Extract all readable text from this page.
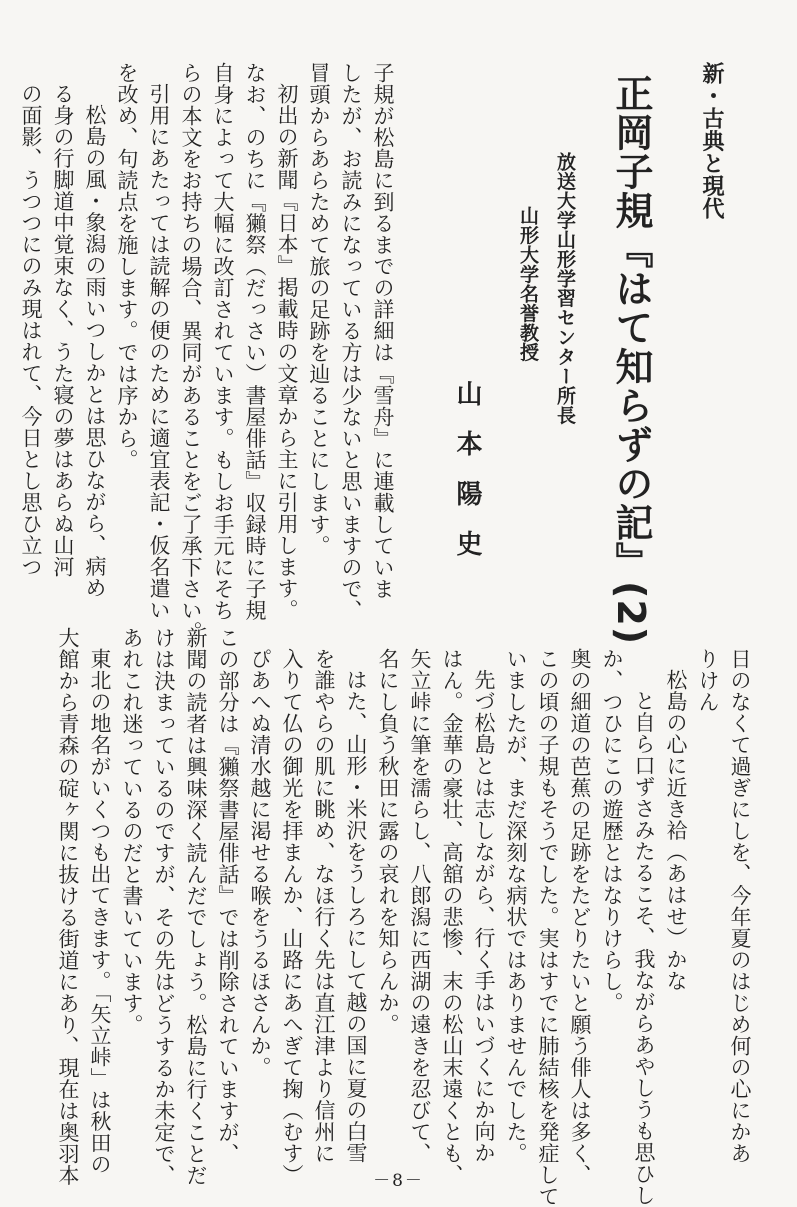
新・古典と現代
正岡子規『はて知らずの記』(2)
放送大学山形学習センター所長
山形大学名誉教授
山本陽史
子規が松島に到るまでの詳細は『雪舟』に連載していま
したが、お読みになっている方は少ないと思いますので、
冒頭からあらためて旅の足跡を辿ることにします。
初出の新聞『日本』掲載時の文章から主に引用します。
なお、のちに『獺祭（だっさい）書屋俳話』収録時に子規
自身によって大幅に改訂されています。もしお手元にそち
らの本文をお持ちの場合、異同があることをご了承下さい。
引用にあたっては読解の便のために適宜表記・仮名遣い
を改め、句読点を施します。では序から。
松島の風・象潟の雨いつしかとは思ひながら、病め
る身の行脚道中覚束なく、うた寝の夢はあらぬ山河
の面影、うつつにのみ現はれて、今日とし思ひ立つ
日のなくて過ぎにしを、今年夏のはじめ何の心にかあ
りけん
松島の心に近き袷（あはせ）かな
と自ら口ずさみたるこそ、我ながらあやしうも思ひし
か、つひにこの遊歴とはなりけらし。
奥の細道の芭蕉の足跡をたどりたいと願う俳人は多く、
この頃の子規もそうでした。実はすでに肺結核を発症して
いましたが、まだ深刻な病状ではありませんでした。
先づ松島とは志しながら、行く手はいづくにか向か
はん。金華の豪壮、高舘の悲惨、末の松山末遠くとも、
矢立峠に筆を濡らし、八郎潟に西湖の遠きを忍びて、
名にし負う秋田に露の哀れを知らんか。
はた、山形・米沢をうしろにして越の国に夏の白雪
を誰やらの肌に眺め、なほ行く先は直江津より信州に
入りて仏の御光を拝まんか、山路にあへぎて掬（むす）
ぴあへぬ清水越に渇せる喉をうるほさんか。
この部分は『獺祭書屋俳話』では削除されていますが、
新聞の読者は興味深く読んだでしょう。松島に行くことだ
けは決まっているのですが、その先はどうするか未定で、
あれこれ迷っているのだと書いています。
東北の地名がいくつも出てきます。「矢立峠」は秋田の
大館から青森の碇ヶ関に抜ける街道にあり、現在は奥羽本	－8－
